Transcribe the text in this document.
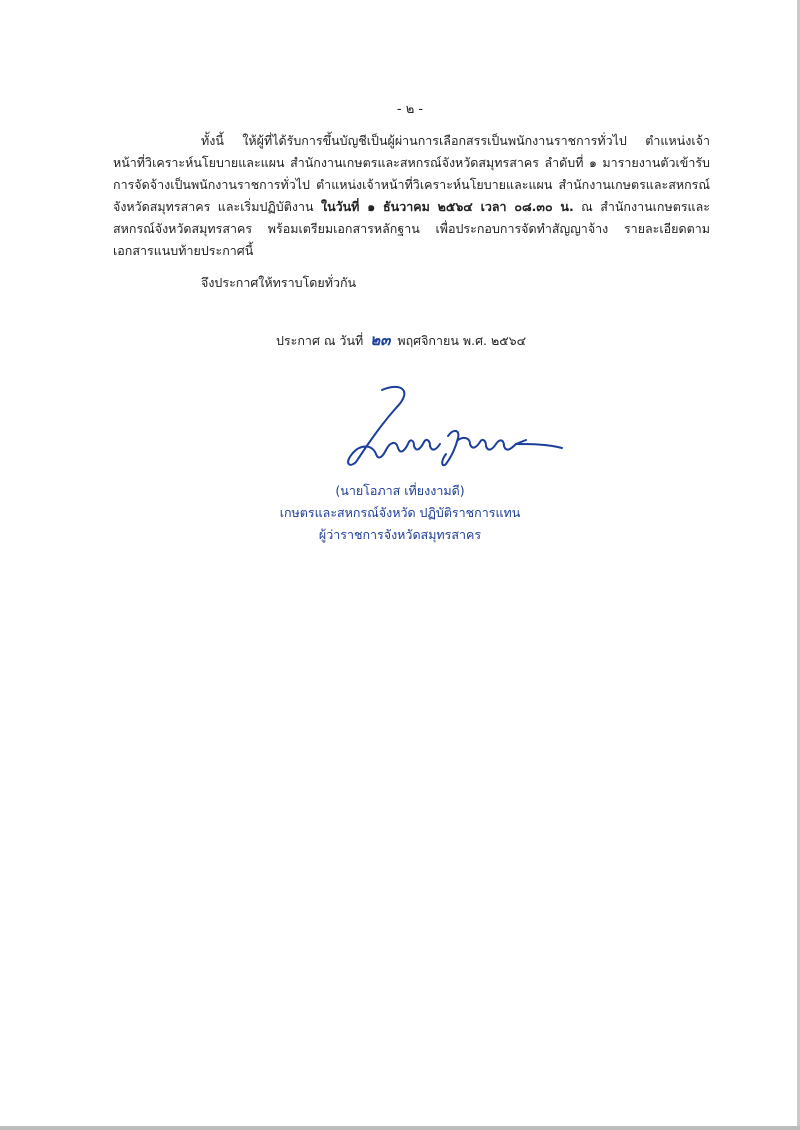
- ๒ -

ทั้งนี้ ให้ผู้ที่ได้รับการขึ้นบัญชีเป็นผู้ผ่านการเลือกสรรเป็นพนักงานราชการทั่วไป ตำแหน่งเจ้าหน้าที่วิเคราะห์นโยบายและแผน สำนักงานเกษตรและสหกรณ์จังหวัดสมุทรสาคร ลำดับที่ ๑ มารายงานตัวเข้ารับการจัดจ้างเป็นพนักงานราชการทั่วไป ตำแหน่งเจ้าหน้าที่วิเคราะห์นโยบายและแผน สำนักงานเกษตรและสหกรณ์จังหวัดสมุทรสาคร และเริ่มปฏิบัติงาน ในวันที่ ๑ ธันวาคม ๒๕๖๔ เวลา ๐๘.๓๐ น. ณ สำนักงานเกษตรและสหกรณ์จังหวัดสมุทรสาคร พร้อมเตรียมเอกสารหลักฐาน เพื่อประกอบการจัดทำสัญญาจ้าง รายละเอียดตามเอกสารแนบท้ายประกาศนี้

จึงประกาศให้ทราบโดยทั่วกัน

ประกาศ ณ วันที่ ๒๓ พฤศจิกายน พ.ศ. ๒๕๖๔
(นายโอภาส เที่ยงงามดี)
เกษตรและสหกรณ์จังหวัด ปฏิบัติราชการแทน
ผู้ว่าราชการจังหวัดสมุทรสาคร
